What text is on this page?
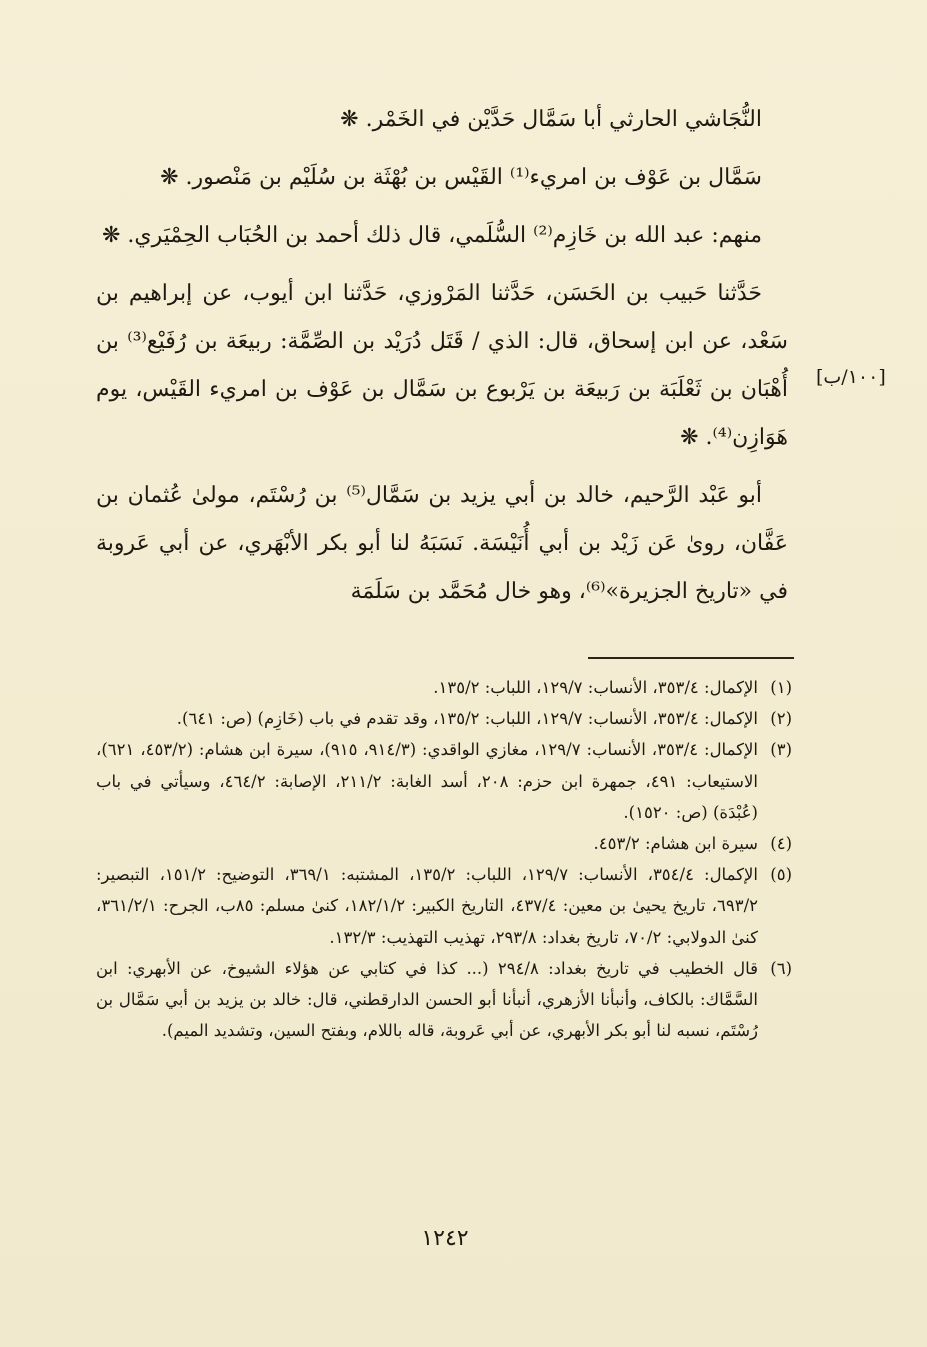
النُّجَاشي الحارثي أبا سَمَّال حَدَّيْن في الخَمْر. ❋

سَمَّال بن عَوْف بن امريء⁽¹⁾ القَيْس بن بُهْثَة بن سُلَيْم بن مَنْصور. ❋

منهم: عبد الله بن خَازِم⁽²⁾ السُّلَمي، قال ذلك أحمد بن الحُبَاب الحِمْيَري. ❋

حَدَّثنا حَبيب بن الحَسَن، حَدَّثنا المَرْوزي، حَدَّثنا ابن أيوب، عن إبراهيم بن سَعْد، عن ابن إسحاق، قال: الذي / قَتَل دُرَيْد بن الصِّمَّة: ربيعَة بن رُفَيْع⁽³⁾ بن أُهْبَان بن ثَعْلَبَة بن رَبيعَة بن يَرْبوع بن سَمَّال بن عَوْف بن امريء القَيْس، يوم هَوَازِن⁽⁴⁾. ❋

أبو عَبْد الرَّحيم، خالد بن أبي يزيد بن سَمَّال⁽⁵⁾ بن رُسْتَم، مولىٰ عُثمان بن عَفَّان، روىٰ عَن زَيْد بن أبي أُنَيْسَة. نَسَبَهُ لنا أبو بكر الأبْهَري، عن أبي عَروبة في «تاريخ الجزيرة»⁽⁶⁾، وهو خال مُحَمَّد بن سَلَمَة

[١٠٠/ب]
(١)
الإكمال: ٣٥٣/٤، الأنساب: ١٢٩/٧، اللباب: ١٣٥/٢.
(٢)
الإكمال: ٣٥٣/٤، الأنساب: ١٢٩/٧، اللباب: ١٣٥/٢، وقد تقدم في باب (خَازِم) (ص: ٦٤١).
(٣)
الإكمال: ٣٥٣/٤، الأنساب: ١٢٩/٧، مغازي الواقدي: (٩١٤/٣، ٩١٥)، سيرة ابن هشام: (٤٥٣/٢، ٦٢١)، الاستيعاب: ٤٩١، جمهرة ابن حزم: ٢٠٨، أسد الغابة: ٢١١/٢، الإصابة: ٤٦٤/٢، وسيأتي في باب (عُبْدَة) (ص: ١٥٢٠).
(٤)
سيرة ابن هشام: ٤٥٣/٢.
(٥)
الإكمال: ٣٥٤/٤، الأنساب: ١٢٩/٧، اللباب: ١٣٥/٢، المشتبه: ٣٦٩/١، التوضيح: ١٥١/٢، التبصير: ٦٩٣/٢، تاريخ يحيىٰ بن معين: ٤٣٧/٤، التاريخ الكبير: ١٨٢/١/٢، كنىٰ مسلم: ٨٥ب، الجرح: ٣٦١/٢/١، كنىٰ الدولابي: ٧٠/٢، تاريخ بغداد: ٢٩٣/٨، تهذيب التهذيب: ١٣٢/٣.
(٦)
قال الخطيب في تاريخ بغداد: ٢٩٤/٨ (... كذا في كتابي عن هؤلاء الشيوخ، عن الأبهري: ابن السَّمَّاك: بالكاف، وأنبأنا الأزهري، أنبأنا أبو الحسن الدارقطني، قال: خالد بن يزيد بن أبي سَمَّال بن رُسْتَم، نسبه لنا أبو بكر الأبهري، عن أبي عَروبة، قاله باللام، وبفتح السين، وتشديد الميم).
١٢٤٢
